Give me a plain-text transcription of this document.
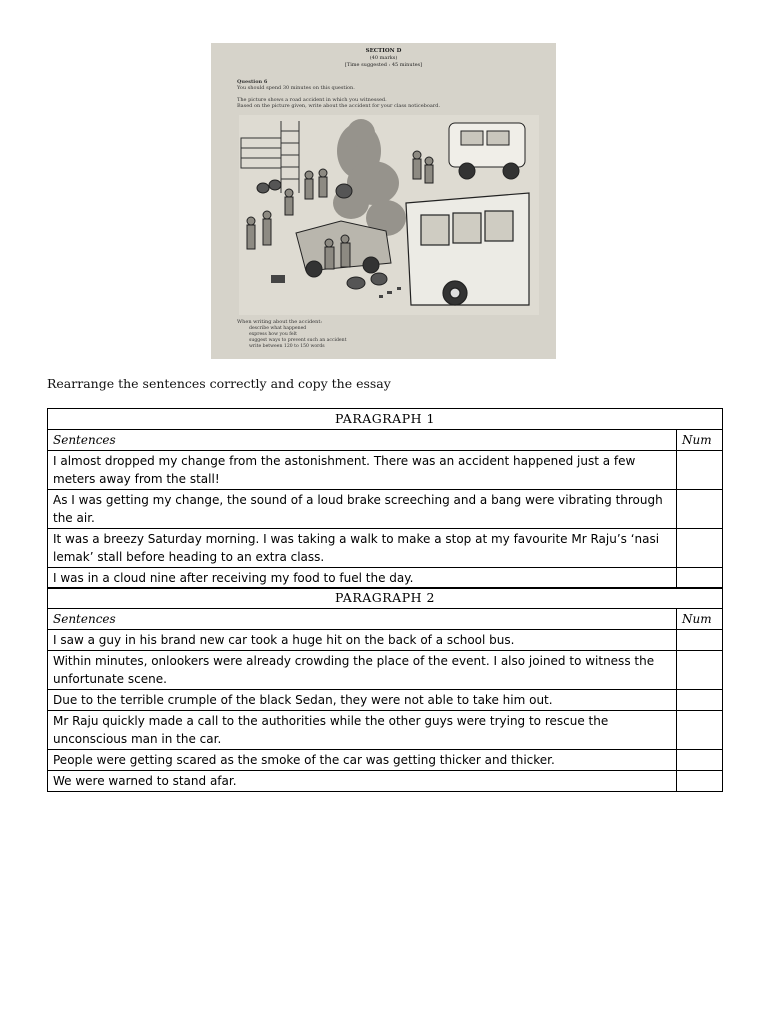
SECTION D
(40 marks)
[Time suggested : 45 minutes]
Question 6
You should spend 30 minutes on this question.
The picture shows a road accident in which you witnessed.
Based on the picture given, write about the accident for your class noticeboard.
When writing about the accident:
describe what happened
express how you felt
suggest ways to prevent such an accident
write between 120 to 150 words
Rearrange the sentences correctly and copy the essay
PARAGRAPH 1	
Sentences	Num
I almost dropped my change from the astonishment. There was an accident happened just a few meters away from the stall!	
As I was getting my change, the sound of a loud brake screeching and a bang were vibrating through the air.	
It was a breezy Saturday morning. I was taking a walk to make a stop at my favourite Mr Raju’s ‘nasi lemak’ stall before heading to an extra class.	
I was in a cloud nine after receiving my food to fuel the day.	
PARAGRAPH 2	
Sentences	Num
I saw a guy in his brand new car took a huge hit on the back of a school bus.	
Within minutes, onlookers were already crowding the place of the event. I also joined to witness the unfortunate scene.	
Due to the terrible crumple of the black Sedan, they were not able to take him out.	
Mr Raju quickly made a call to the authorities while the other guys were trying to rescue the unconscious man in the car.	
People were getting scared as the smoke of the car was getting thicker and thicker.	
We were warned to stand afar.	
